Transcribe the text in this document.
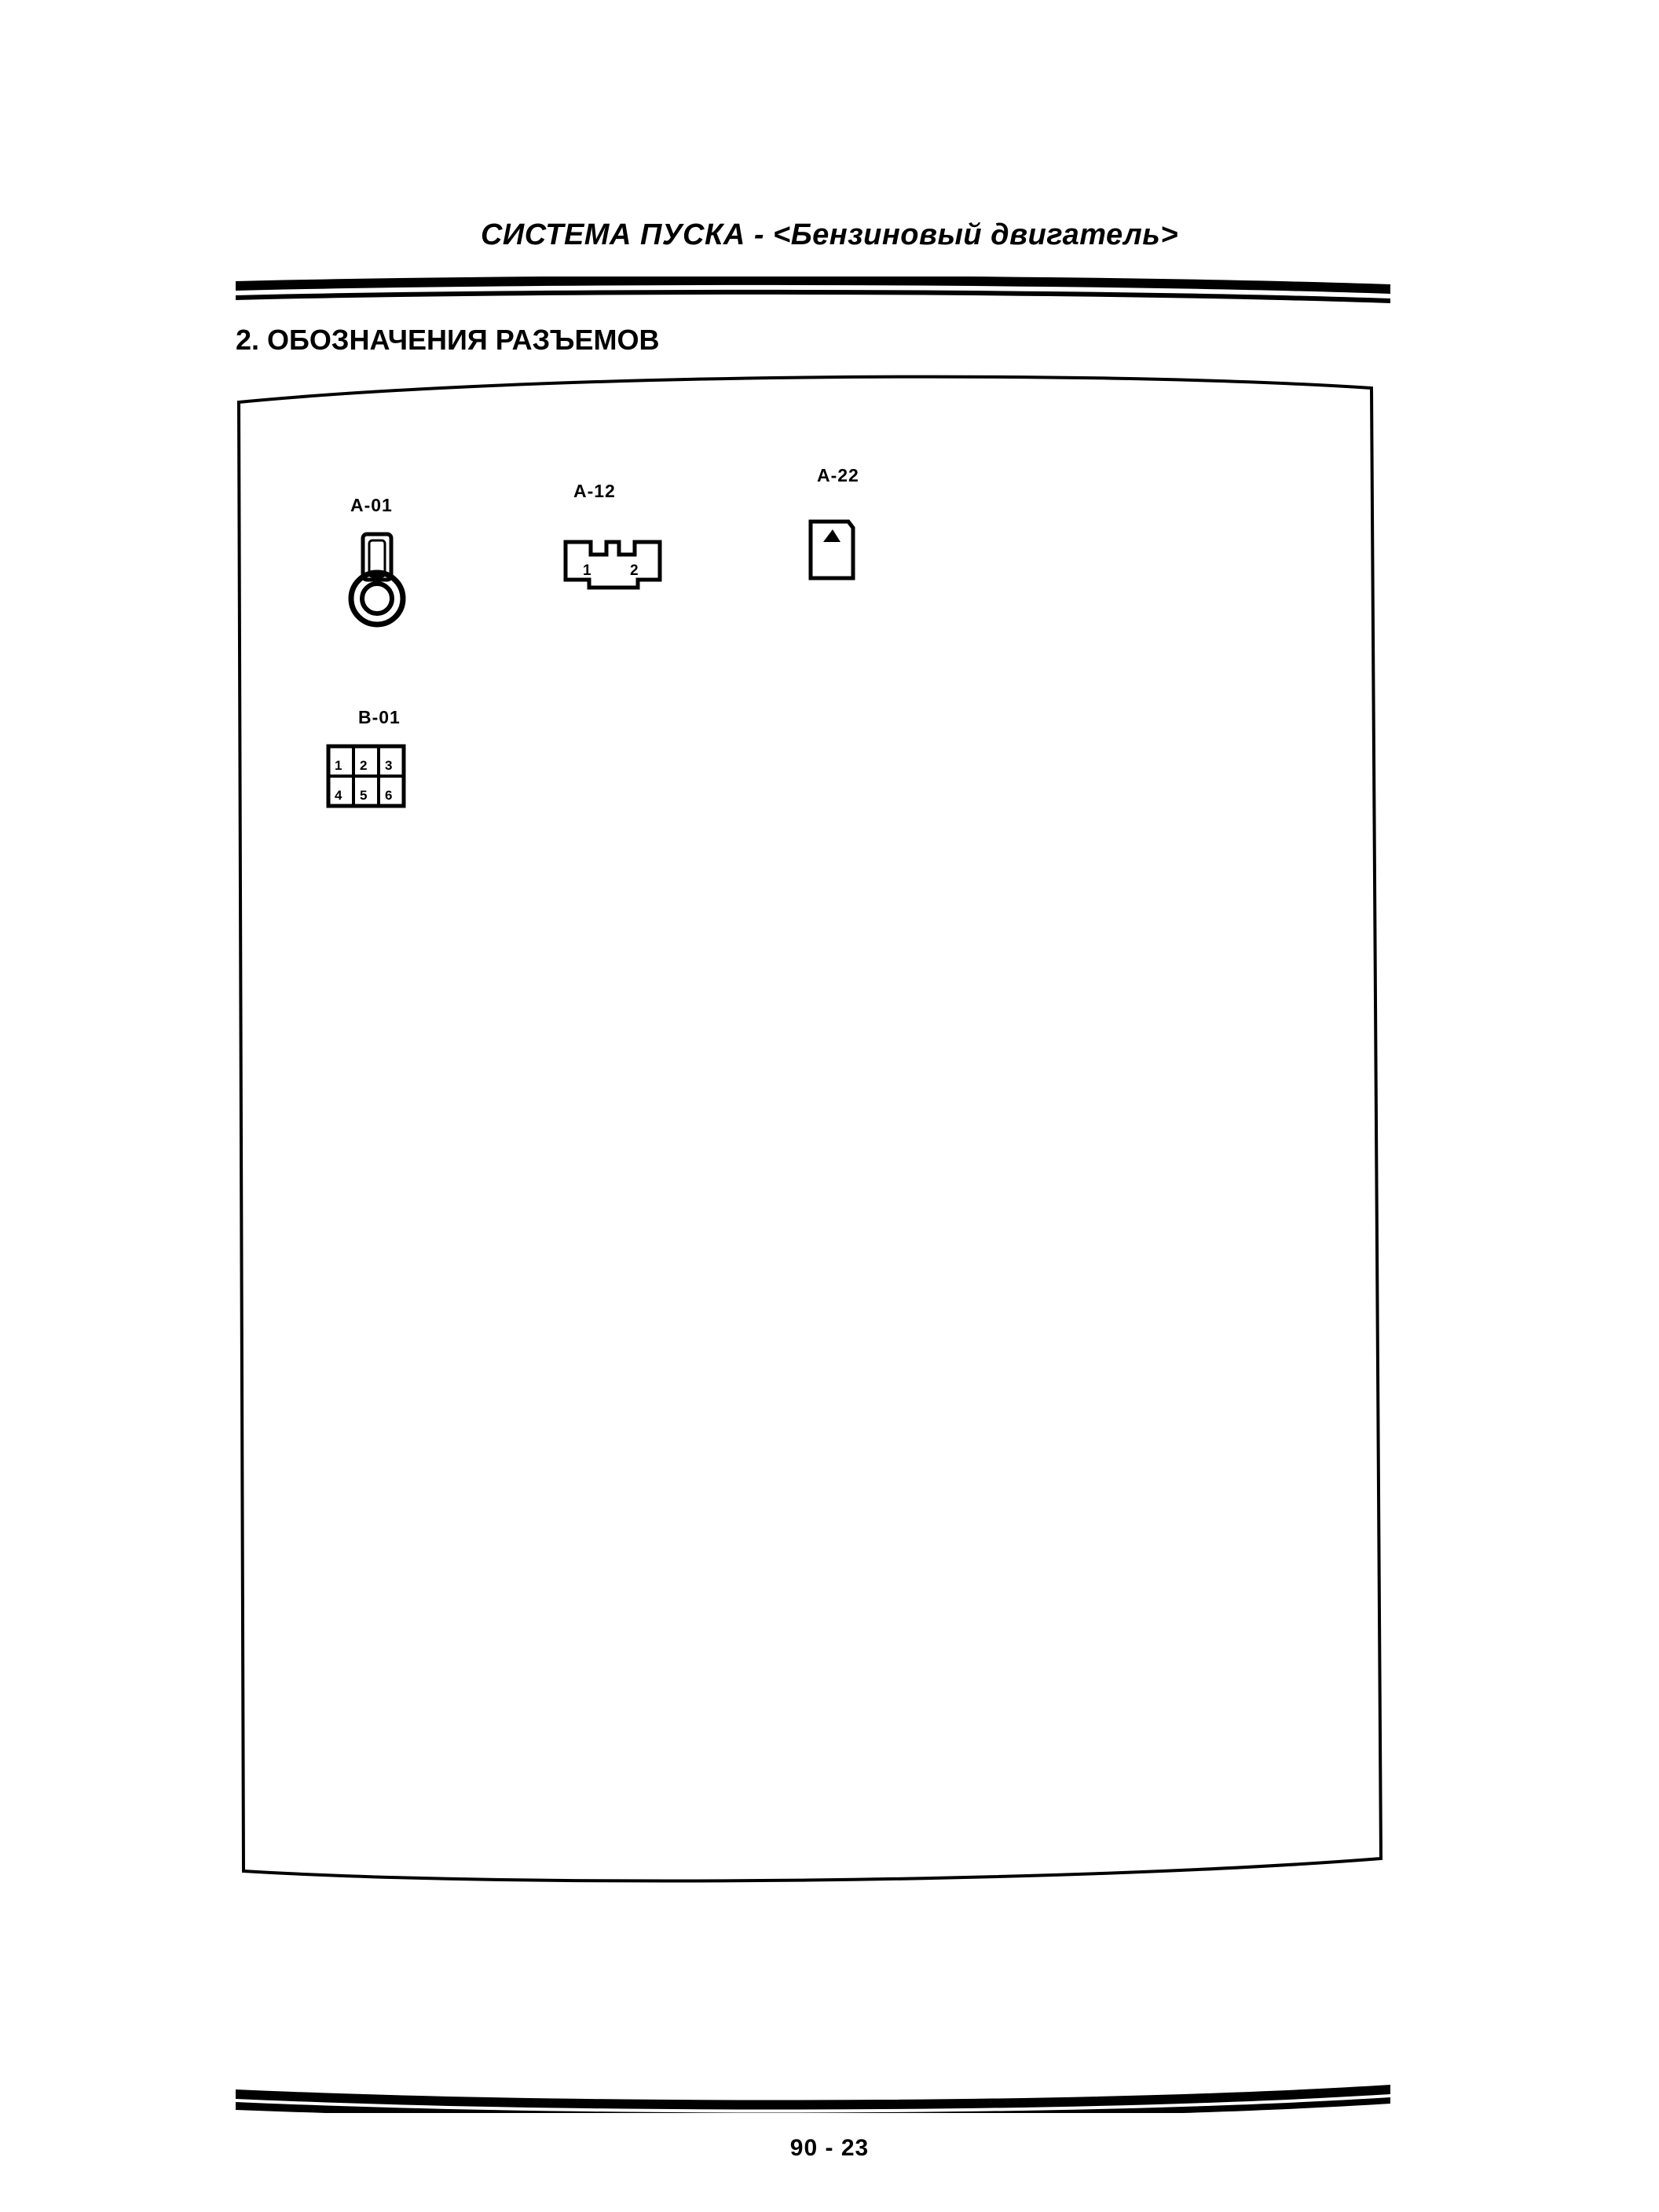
СИСТЕМА ПУСКА - <Бензиновый двигатель>
2. ОБОЗНАЧЕНИЯ РАЗЪЕМОВ
A-01
A-12
1	2
A-22
B-01
1 2 3
4 5 6
90 - 23
